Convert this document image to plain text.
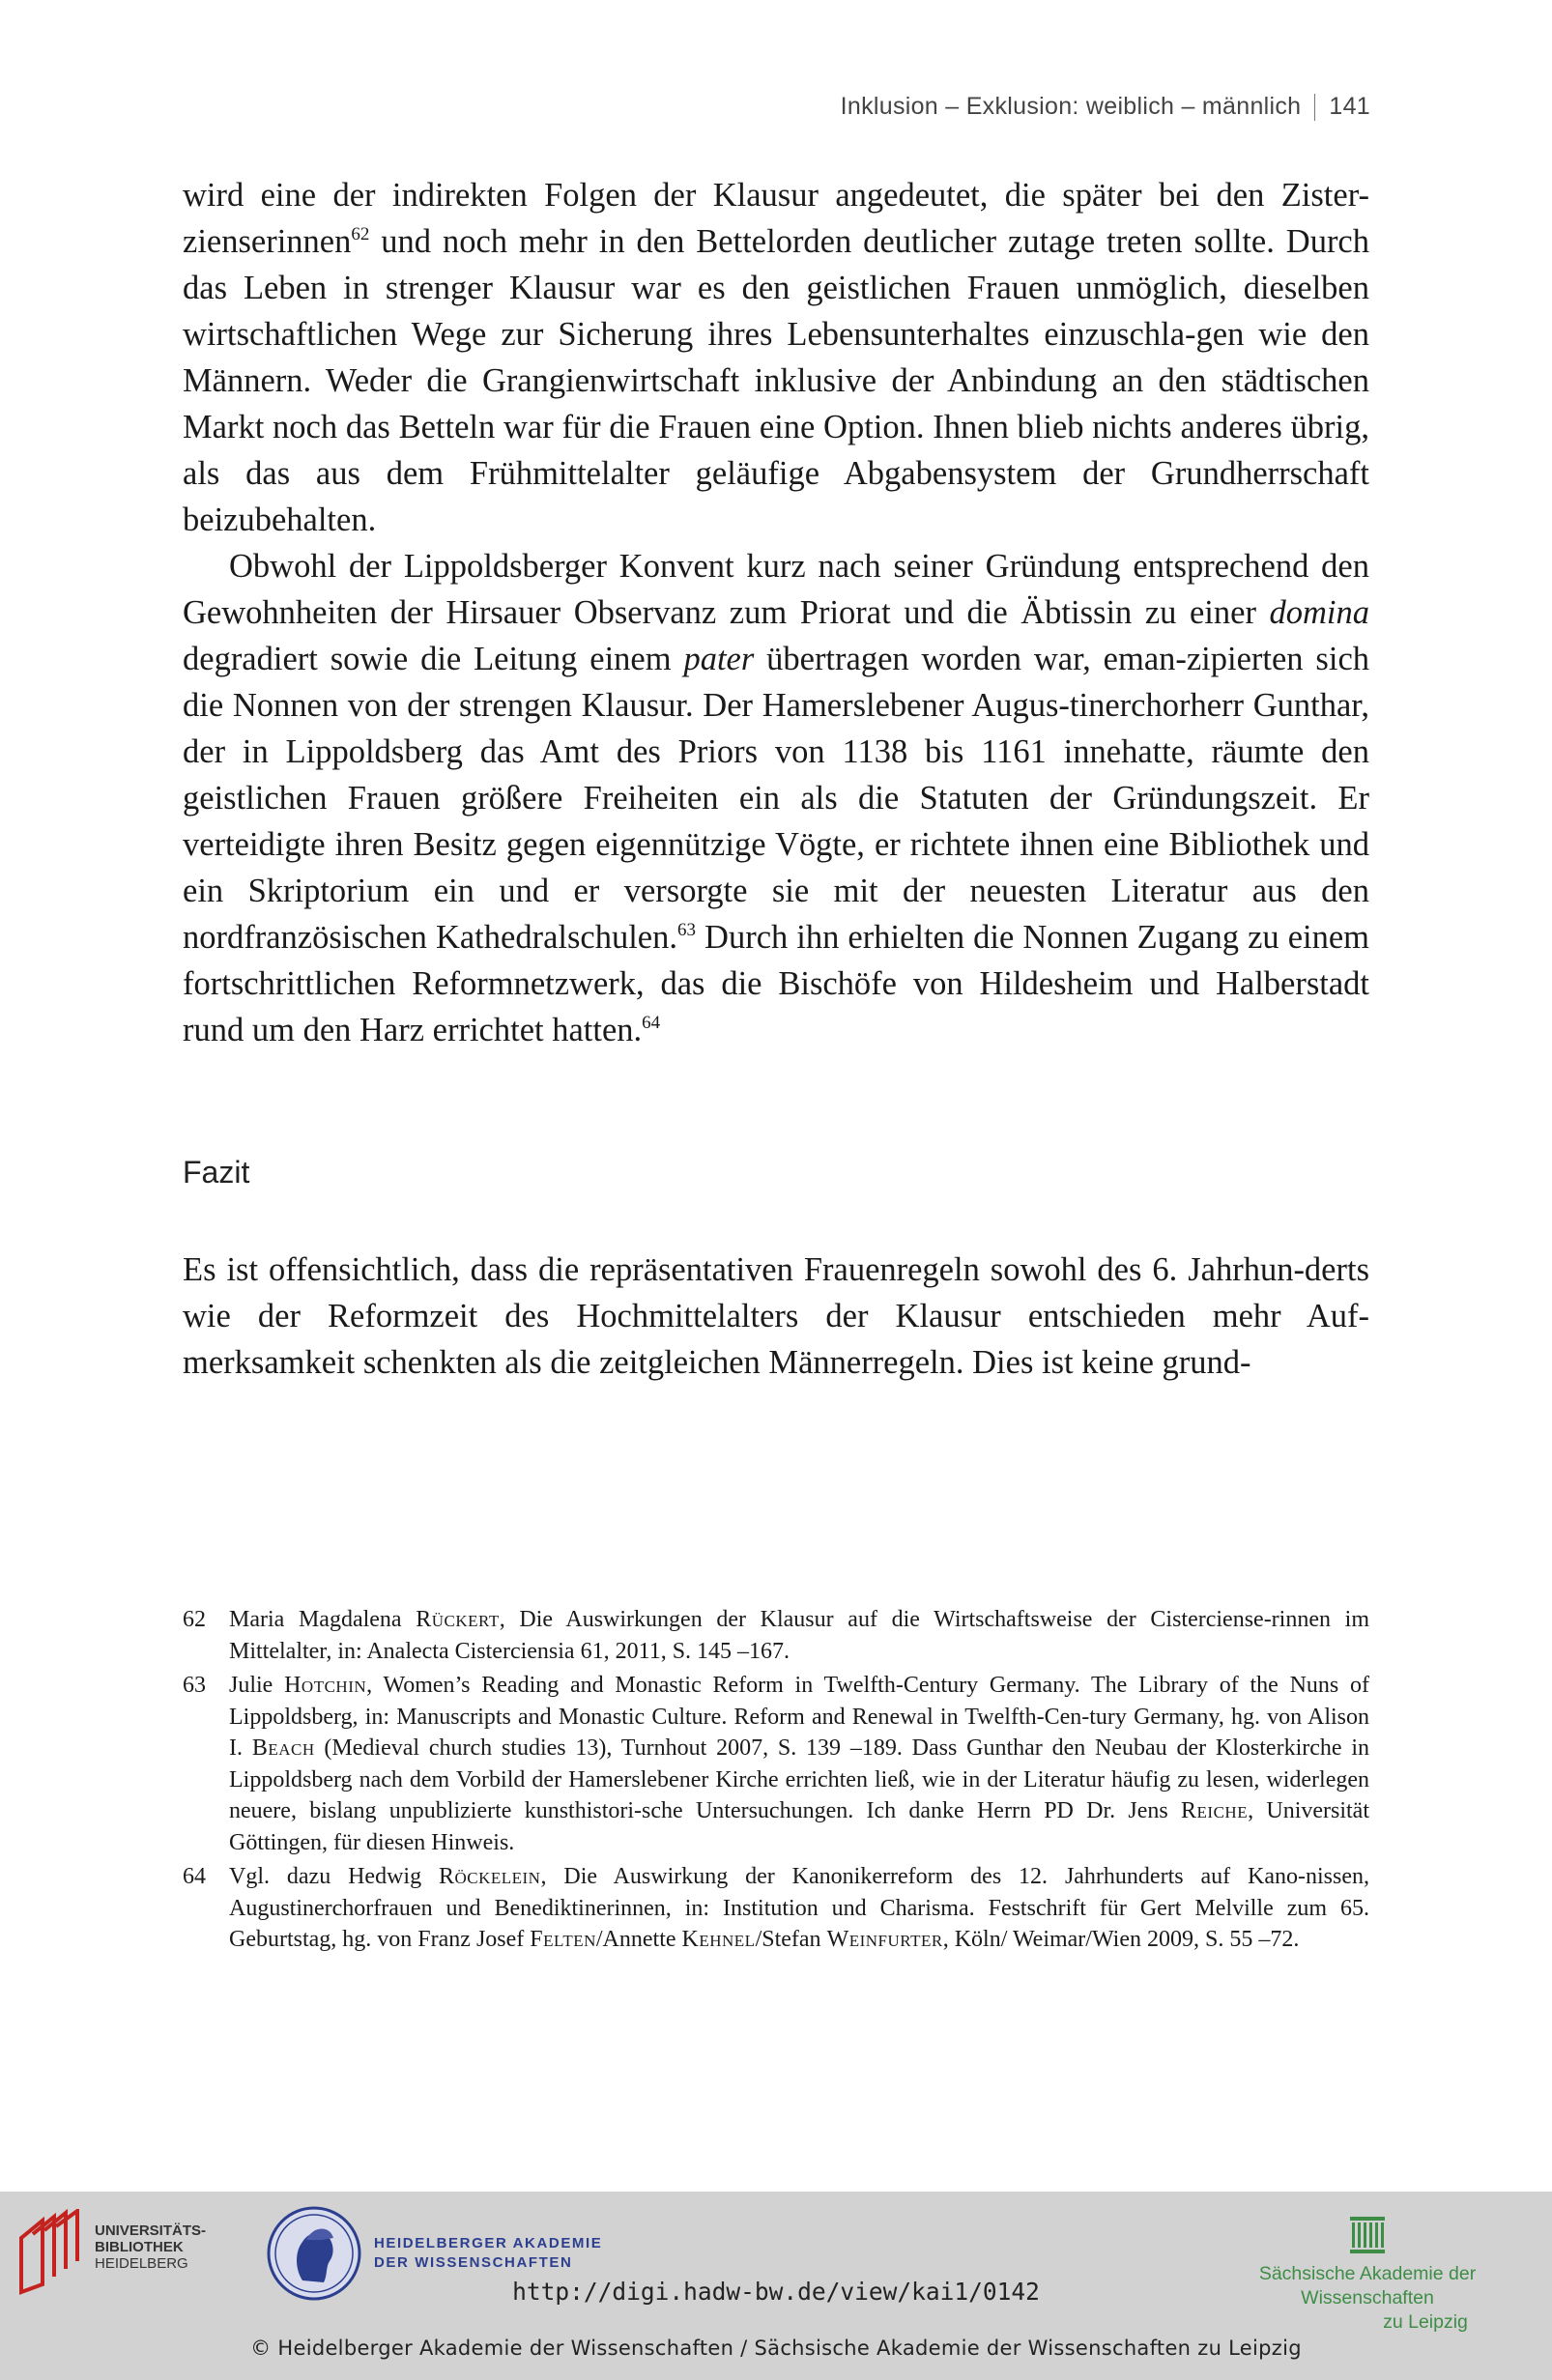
Inklusion – Exklusion: weiblich – männlich 141

wird eine der indirekten Folgen der Klausur angedeutet, die später bei den Zister-zienserinnen$^{62}$ und noch mehr in den Bettelorden deutlicher zutage treten sollte. Durch das Leben in strenger Klausur war es den geistlichen Frauen unmöglich, dieselben wirtschaftlichen Wege zur Sicherung ihres Lebensunterhaltes einzuschla-gen wie den Männern. Weder die Grangienwirtschaft inklusive der Anbindung an den städtischen Markt noch das Betteln war für die Frauen eine Option. Ihnen blieb nichts anderes übrig, als das aus dem Frühmittelalter geläufige Abgabensystem der Grundherrschaft beizubehalten.

Obwohl der Lippoldsberger Konvent kurz nach seiner Gründung entsprechend den Gewohnheiten der Hirsauer Observanz zum Priorat und die Äbtissin zu einer domina degradiert sowie die Leitung einem pater übertragen worden war, eman-zipierten sich die Nonnen von der strengen Klausur. Der Hamerslebener Augus-tinerchorherr Gunthar, der in Lippoldsberg das Amt des Priors von 1138 bis 1161 innehatte, räumte den geistlichen Frauen größere Freiheiten ein als die Statuten der Gründungszeit. Er verteidigte ihren Besitz gegen eigennützige Vögte, er richtete ihnen eine Bibliothek und ein Skriptorium ein und er versorgte sie mit der neuesten Literatur aus den nordfranzösischen Kathedralschulen.$^{63}$ Durch ihn erhielten die Nonnen Zugang zu einem fortschrittlichen Reformnetzwerk, das die Bischöfe von Hildesheim und Halberstadt rund um den Harz errichtet hatten.$^{64}$

Fazit

Es ist offensichtlich, dass die repräsentativen Frauenregeln sowohl des 6. Jahrhun-derts wie der Reformzeit des Hochmittelalters der Klausur entschieden mehr Auf-merksamkeit schenkten als die zeitgleichen Männerregeln. Dies ist keine grund-

62	Maria Magdalena Rückert, Die Auswirkungen der Klausur auf die Wirtschaftsweise der Cisterciense-rinnen im Mittelalter, in: Analecta Cisterciensia 61, 2011, S. 145 –167.
63	Julie Hotchin, Women’s Reading and Monastic Reform in Twelfth-Century Germany. The Library of the Nuns of Lippoldsberg, in: Manuscripts and Monastic Culture. Reform and Renewal in Twelfth-Cen-tury Germany, hg. von Alison I. Beach (Medieval church studies 13), Turnhout 2007, S. 139 –189. Dass Gunthar den Neubau der Klosterkirche in Lippoldsberg nach dem Vorbild der Hamerslebener Kirche errichten ließ, wie in der Literatur häufig zu lesen, widerlegen neuere, bislang unpublizierte kunsthistori-sche Untersuchungen. Ich danke Herrn PD Dr. Jens Reiche, Universität Göttingen, für diesen Hinweis.
64	Vgl. dazu Hedwig Röckelein, Die Auswirkung der Kanonikerreform des 12. Jahrhunderts auf Kano-nissen, Augustinerchorfrauen und Benediktinerinnen, in: Institution und Charisma. Festschrift für Gert Melville zum 65. Geburtstag, hg. von Franz Josef Felten/Annette Kehnel/Stefan Weinfurter, Köln/ Weimar/Wien 2009, S. 55 –72.
UNIVERSITÄTS-
BIBLIOTHEK
HEIDELBERG
HEIDELBERGER AKADEMIE
DER WISSENSCHAFTEN
Sächsische Akademie der Wissenschaften
zu Leipzig
http://digi.hadw-bw.de/view/kai1/0142
© Heidelberger Akademie der Wissenschaften / Sächsische Akademie der Wissenschaften zu Leipzig
